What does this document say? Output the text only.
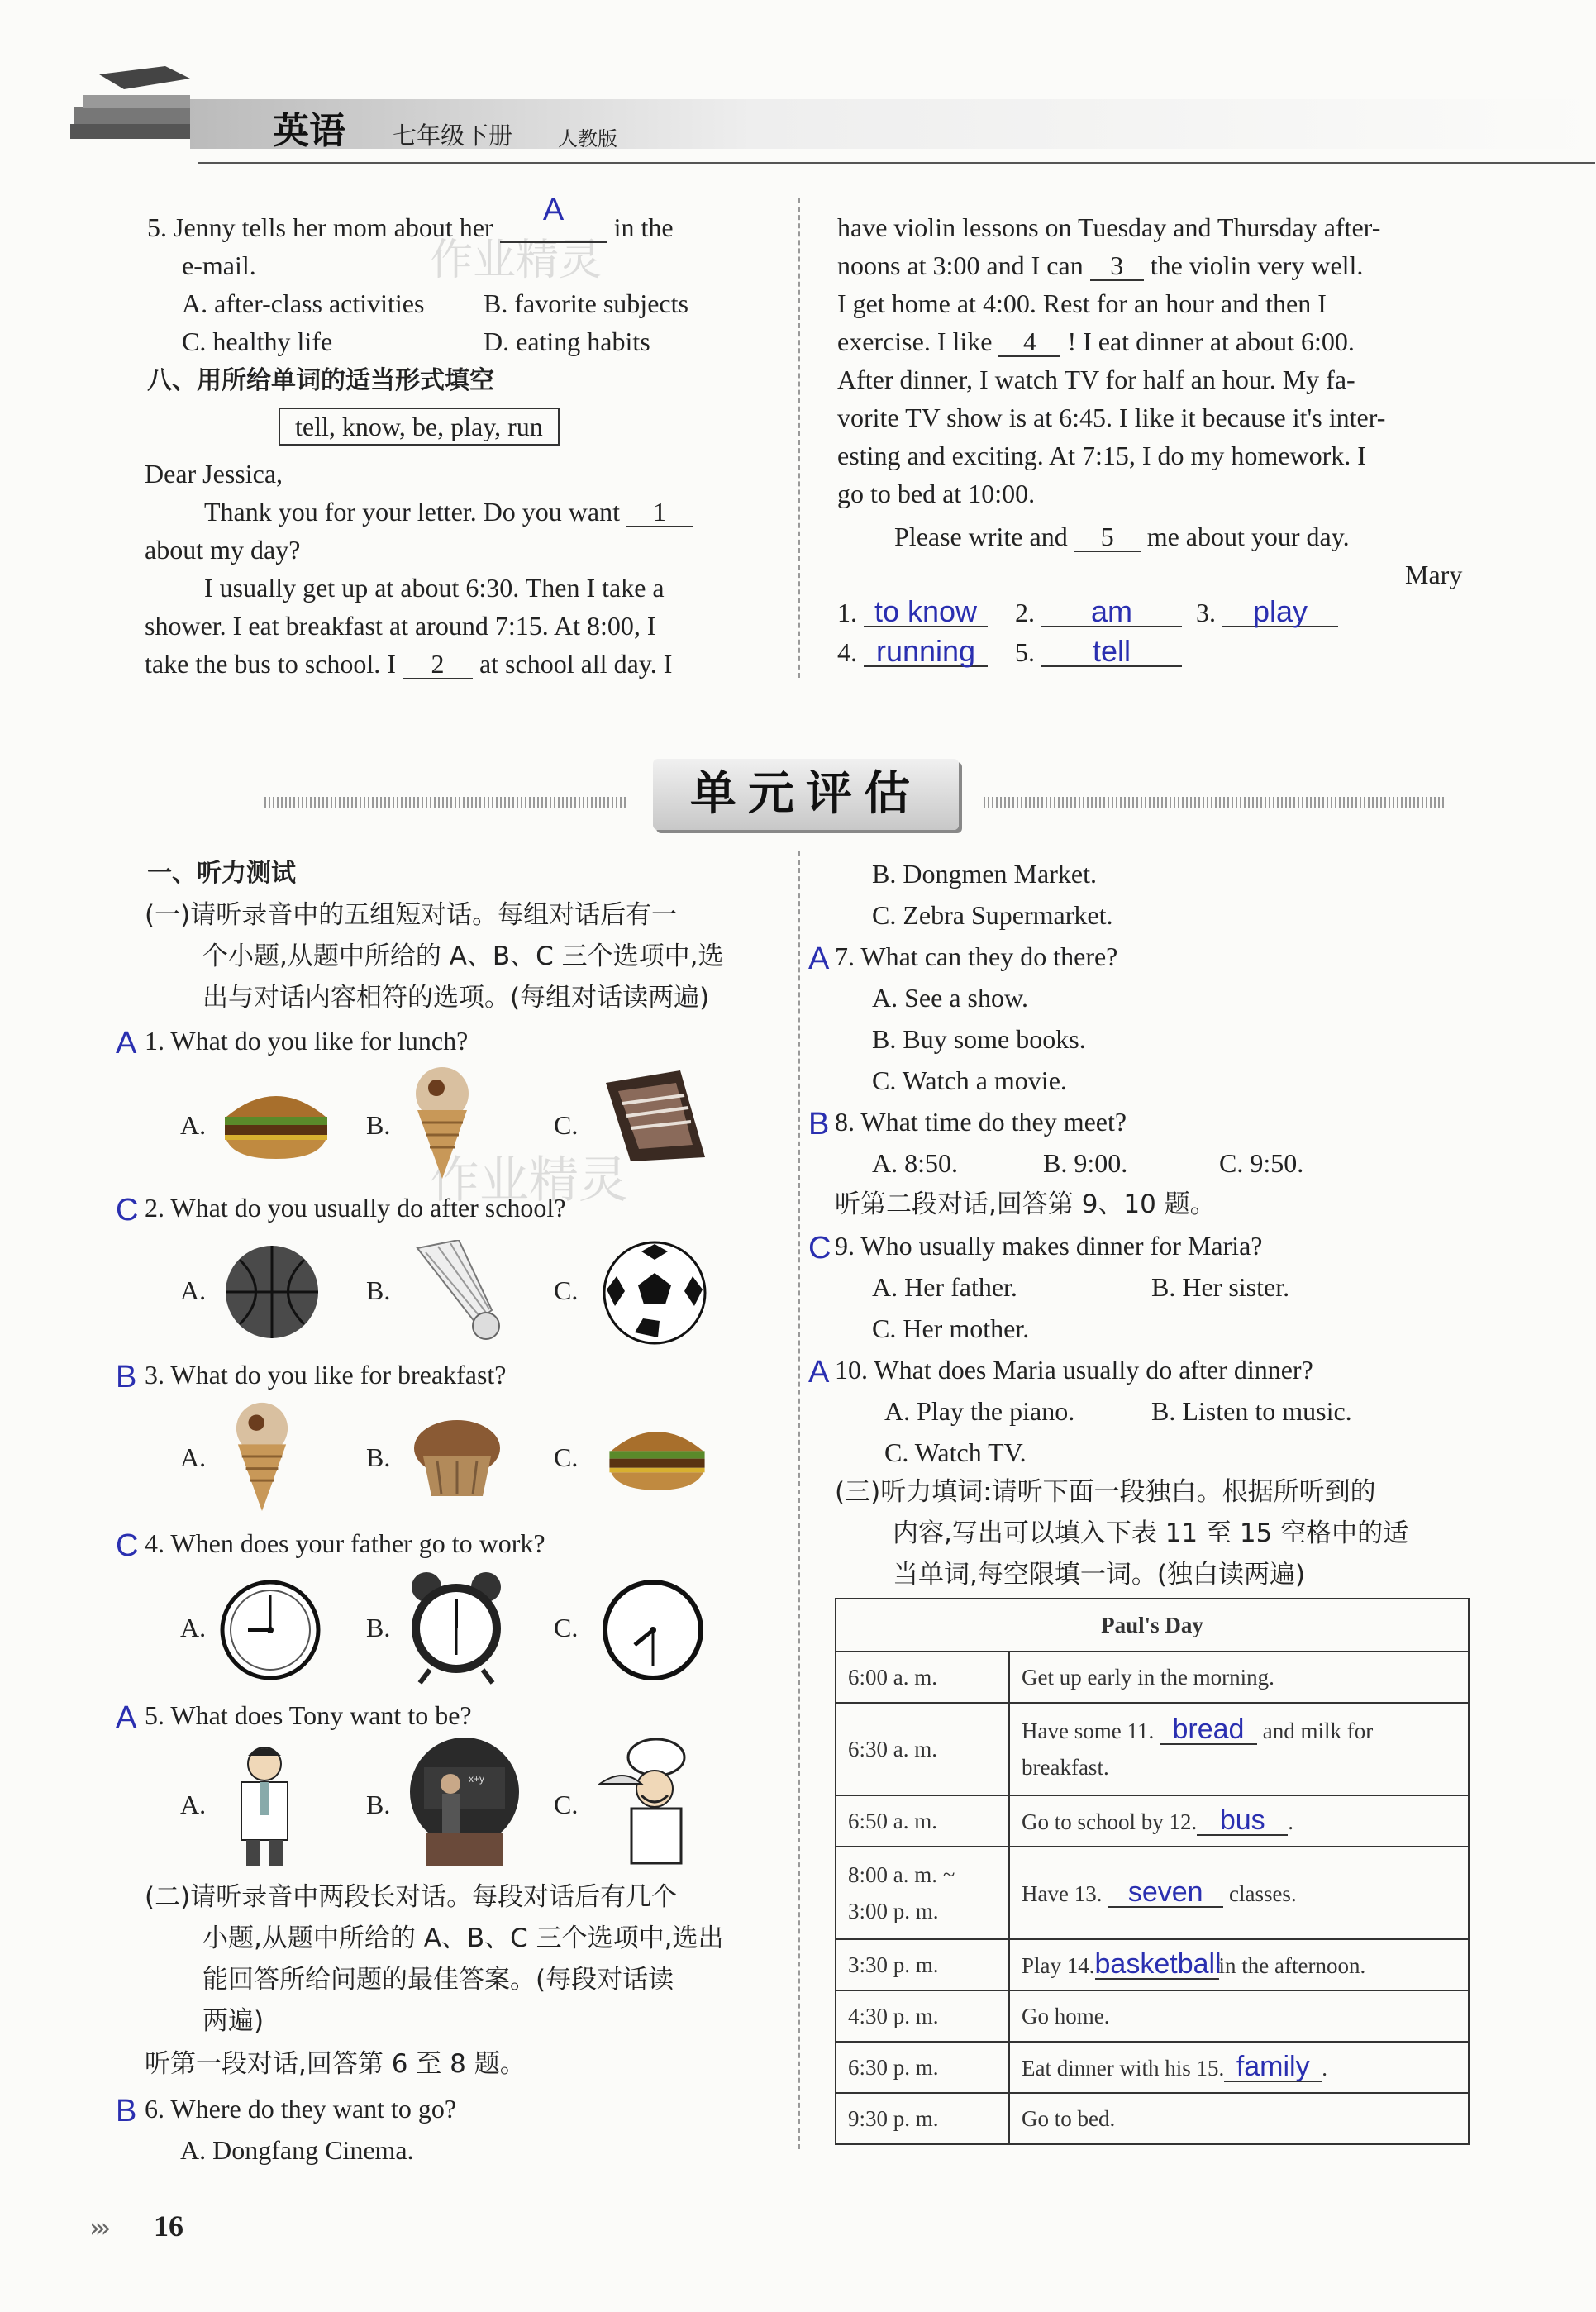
英语 七年级下册 人教版
作业精灵
作业精灵
5. Jenny tells her mom about her A in the
e-mail.
A. after-class activities B. favorite subjects
C. healthy life	D. eating habits
八、用所给单词的适当形式填空
tell, know, be, play, run
Dear Jessica,
Thank you for your letter. Do you want 1
about my day?
I usually get up at about 6:30. Then I take a
shower. I eat breakfast at around 7:15. At 8:00, I
take the bus to school. I 2 at school all day. I
have violin lessons on Tuesday and Thursday after-
noons at 3:00 and I can 3 the violin very well.
I get home at 4:00. Rest for an hour and then I
exercise. I like 4 ! I eat dinner at about 6:00.
After dinner, I watch TV for half an hour. My fa-
vorite TV show is at 6:45. I like it because it's inter-
esting and exciting. At 7:15, I do my homework. I
go to bed at 10:00.
Please write and 5 me about your day.
Mary
1. to know	2. am	3. play
4. running	5. tell
单元评估
一、听力测试
(一)请听录音中的五组短对话。每组对话后有一
个小题,从题中所给的 A、B、C 三个选项中,选
出与对话内容相符的选项。(每组对话读两遍)
A 1. What do you like for lunch?
A.	B.	C.
C 2. What do you usually do after school?
A.	B.	C.
B 3. What do you like for breakfast?
A.	B.	C.
C 4. When does your father go to work?
A.	B.	C.
A 5. What does Tony want to be?
A.	B.	C.
x+y
(二)请听录音中两段长对话。每段对话后有几个
小题,从题中所给的 A、B、C 三个选项中,选出
能回答所给问题的最佳答案。(每段对话读
两遍)
听第一段对话,回答第 6 至 8 题。
B 6. Where do they want to go?
A. Dongfang Cinema.
B. Dongmen Market.
C. Zebra Supermarket.
A 7. What can they do there?
A. See a show.
B. Buy some books.
C. Watch a movie.
B 8. What time do they meet?
A. 8:50.	B. 9:00.	C. 9:50.
听第二段对话,回答第 9、10 题。
C 9. Who usually makes dinner for Maria?
A. Her father.	B. Her sister.
C. Her mother.
A 10. What does Maria usually do after dinner?
A. Play the piano.	B. Listen to music.
C. Watch TV.
(三)听力填词:请听下面一段独白。根据所听到的
内容,写出可以填入下表 11 至 15 空格中的适
当单词,每空限填一词。(独白读两遍)
Paul's Day	
6:00 a. m.	Get up early in the morning.
6:30 a. m.	Have some 11. bread and milk for
breakfast.
6:50 a. m.	Go to school by 12. bus .
8:00 a. m. ~
3:00 p. m.	Have 13. seven classes.
3:30 p. m.	Play 14.basketballin the afternoon.
4:30 p. m.	Go home.
6:30 p. m.	Eat dinner with his 15. family .
9:30 p. m.	Go to bed.
››› 16
